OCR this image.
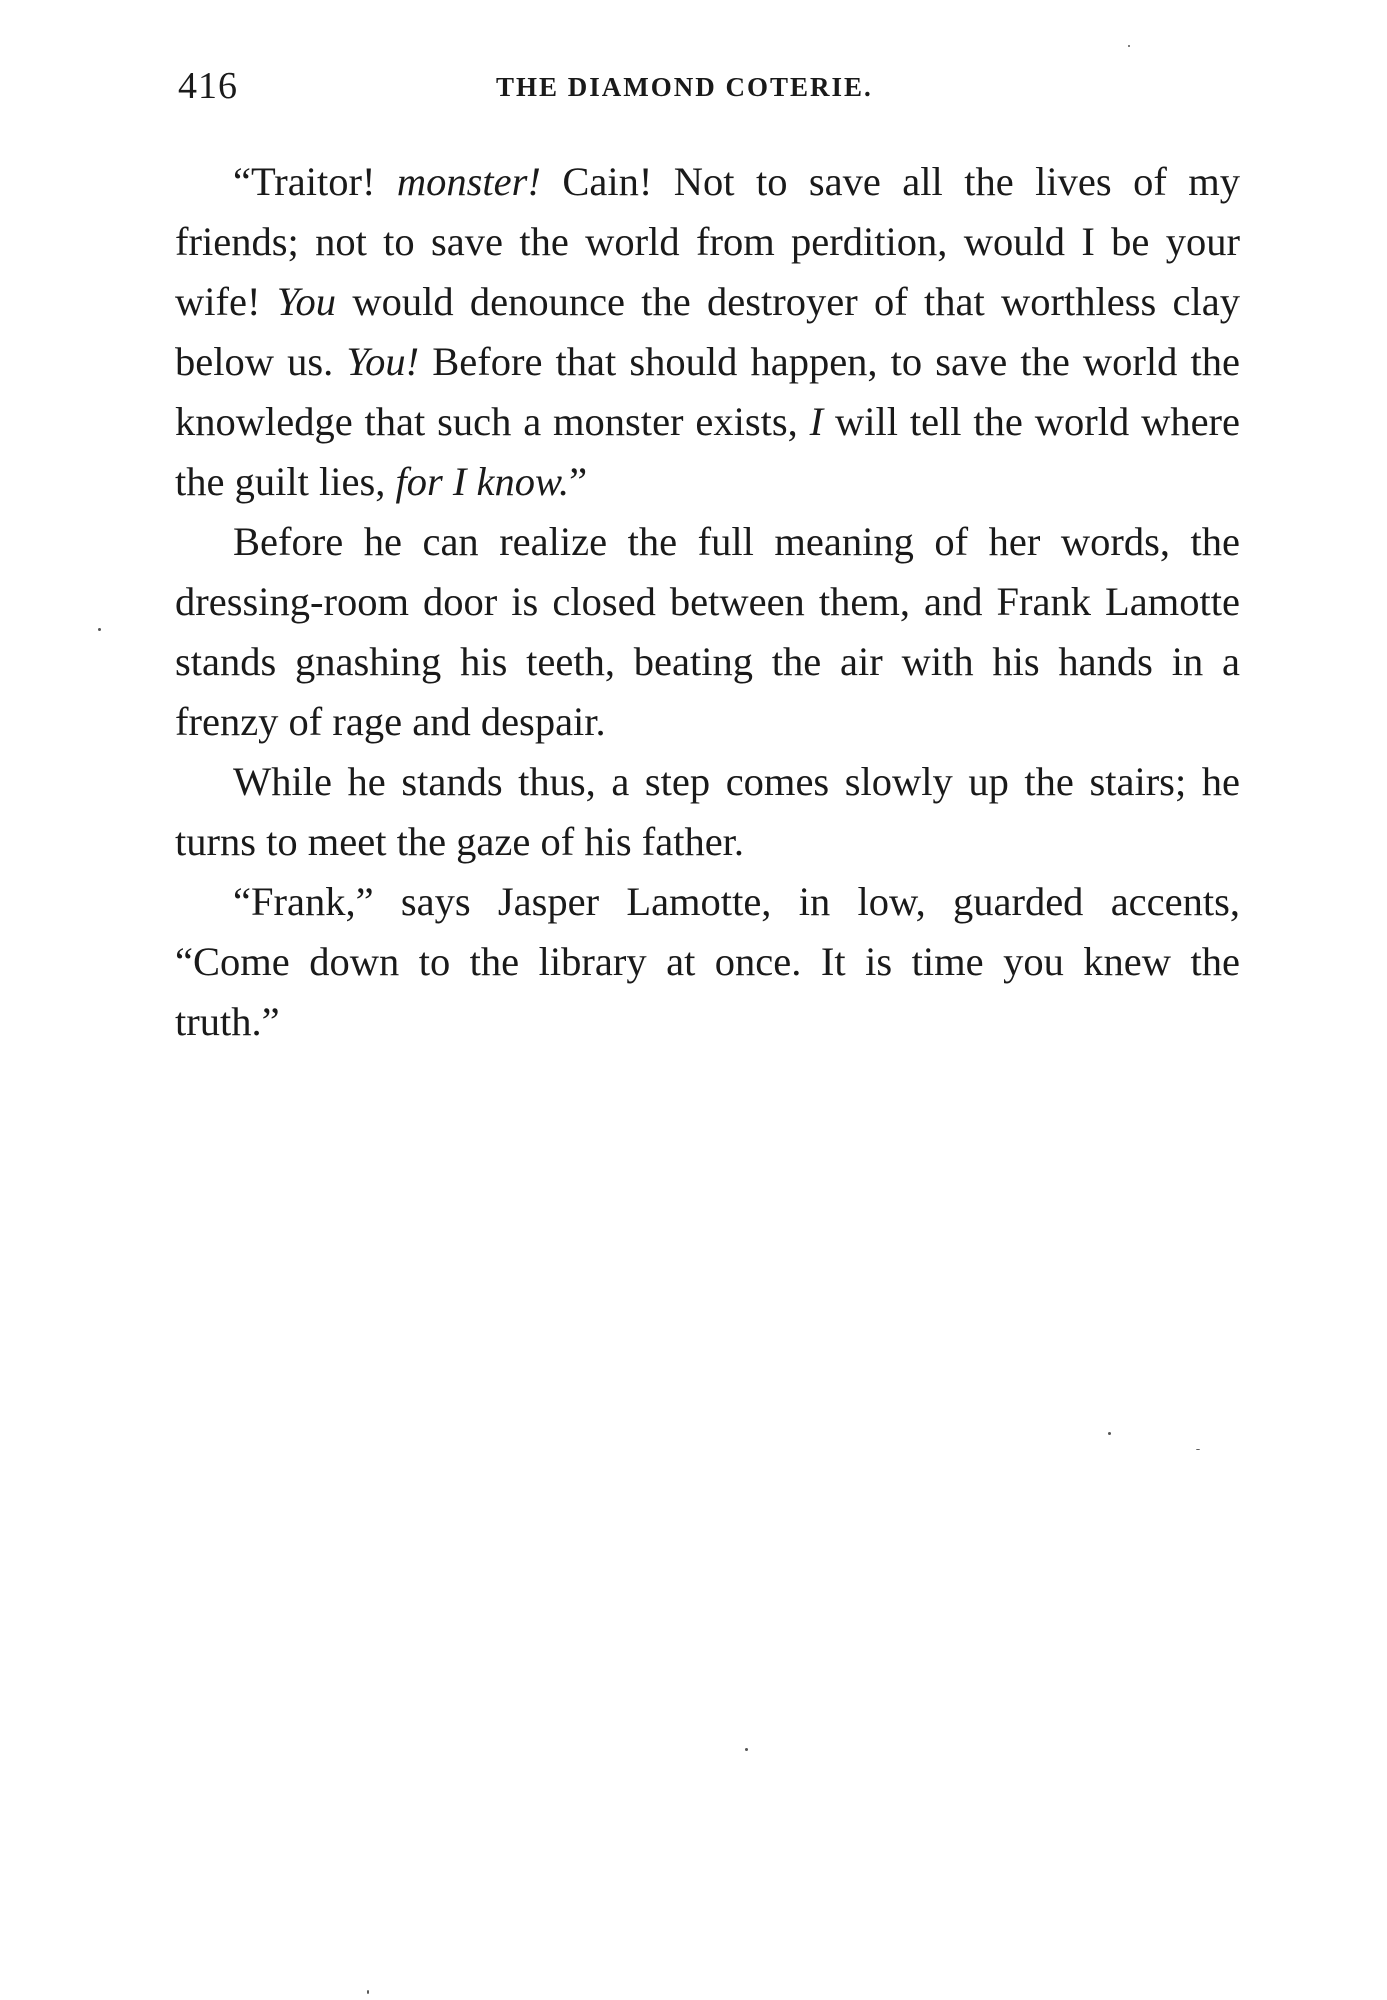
416	THE DIAMOND COTERIE.

“Traitor! monster! Cain! Not to save all the lives of my friends; not to save the world from perdition, would I be your wife! You would denounce the destroyer of that worthless clay below us. You! Before that should happen, to save the world the knowledge that such a monster exists, I will tell the world where the guilt lies, for I know.”

Before he can realize the full meaning of her words, the dressing-room door is closed between them, and Frank Lamotte stands gnashing his teeth, beating the air with his hands in a frenzy of rage and despair.

While he stands thus, a step comes slowly up the stairs; he turns to meet the gaze of his father.

“Frank,” says Jasper Lamotte, in low, guarded accents, “Come down to the library at once. It is time you knew the truth.”
